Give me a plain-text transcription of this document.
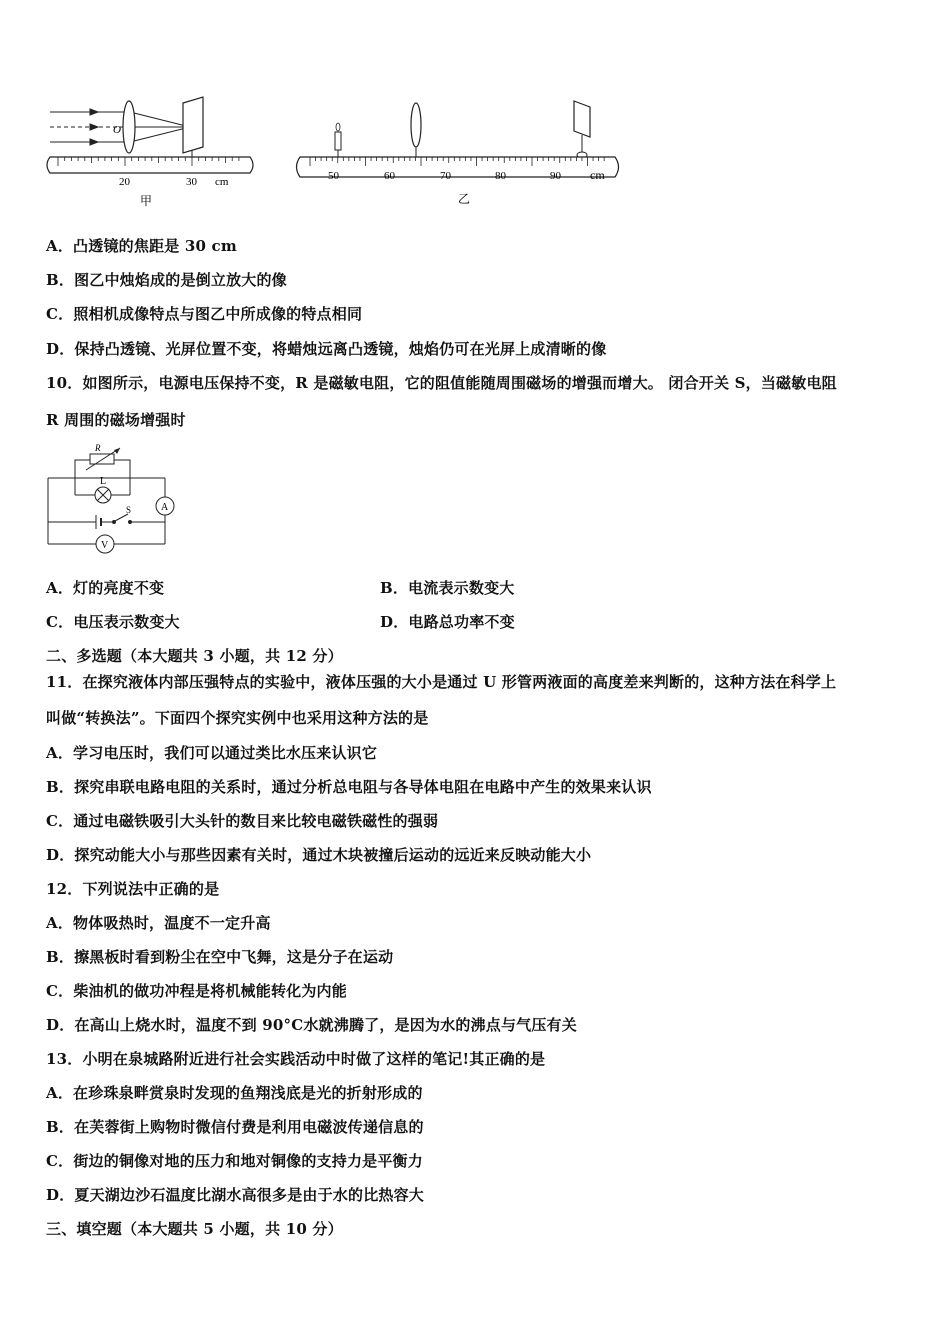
O
20	30 cm
甲
50	60	70	80	90 cm
乙
A．凸透镜的焦距是 30 cm
B．图乙中烛焰成的是倒立放大的像
C．照相机成像特点与图乙中所成像的特点相同
D．保持凸透镜、光屏位置不变，将蜡烛远离凸透镜，烛焰仍可在光屏上成清晰的像
10．如图所示，电源电压保持不变，R 是磁敏电阻，它的阻值能随周围磁场的增强而增大。 闭合开关 S，当磁敏电阻
R 周围的磁场增强时
R
L
A
S
V
A．灯的亮度不变	B．电流表示数变大
C．电压表示数变大	D．电路总功率不变
二、多选题（本大题共 3 小题，共 12 分）
11．在探究液体内部压强特点的实验中，液体压强的大小是通过 U 形管两液面的高度差来判断的，这种方法在科学上
叫做“转换法”。下面四个探究实例中也采用这种方法的是
A．学习电压时，我们可以通过类比水压来认识它
B．探究串联电路电阻的关系时，通过分析总电阻与各导体电阻在电路中产生的效果来认识
C．通过电磁铁吸引大头针的数目来比较电磁铁磁性的强弱
D．探究动能大小与那些因素有关时，通过木块被撞后运动的远近来反映动能大小
12．下列说法中正确的是
A．物体吸热时，温度不一定升高
B．擦黑板时看到粉尘在空中飞舞，这是分子在运动
C．柴油机的做功冲程是将机械能转化为内能
D．在高山上烧水时，温度不到 90°C水就沸腾了，是因为水的沸点与气压有关
13．小明在泉城路附近进行社会实践活动中时做了这样的笔记!其正确的是
A．在珍珠泉畔赏泉时发现的鱼翔浅底是光的折射形成的
B．在芙蓉街上购物时微信付费是利用电磁波传递信息的
C．街边的铜像对地的压力和地对铜像的支持力是平衡力
D．夏天湖边沙石温度比湖水高很多是由于水的比热容大
三、填空题（本大题共 5 小题，共 10 分）
